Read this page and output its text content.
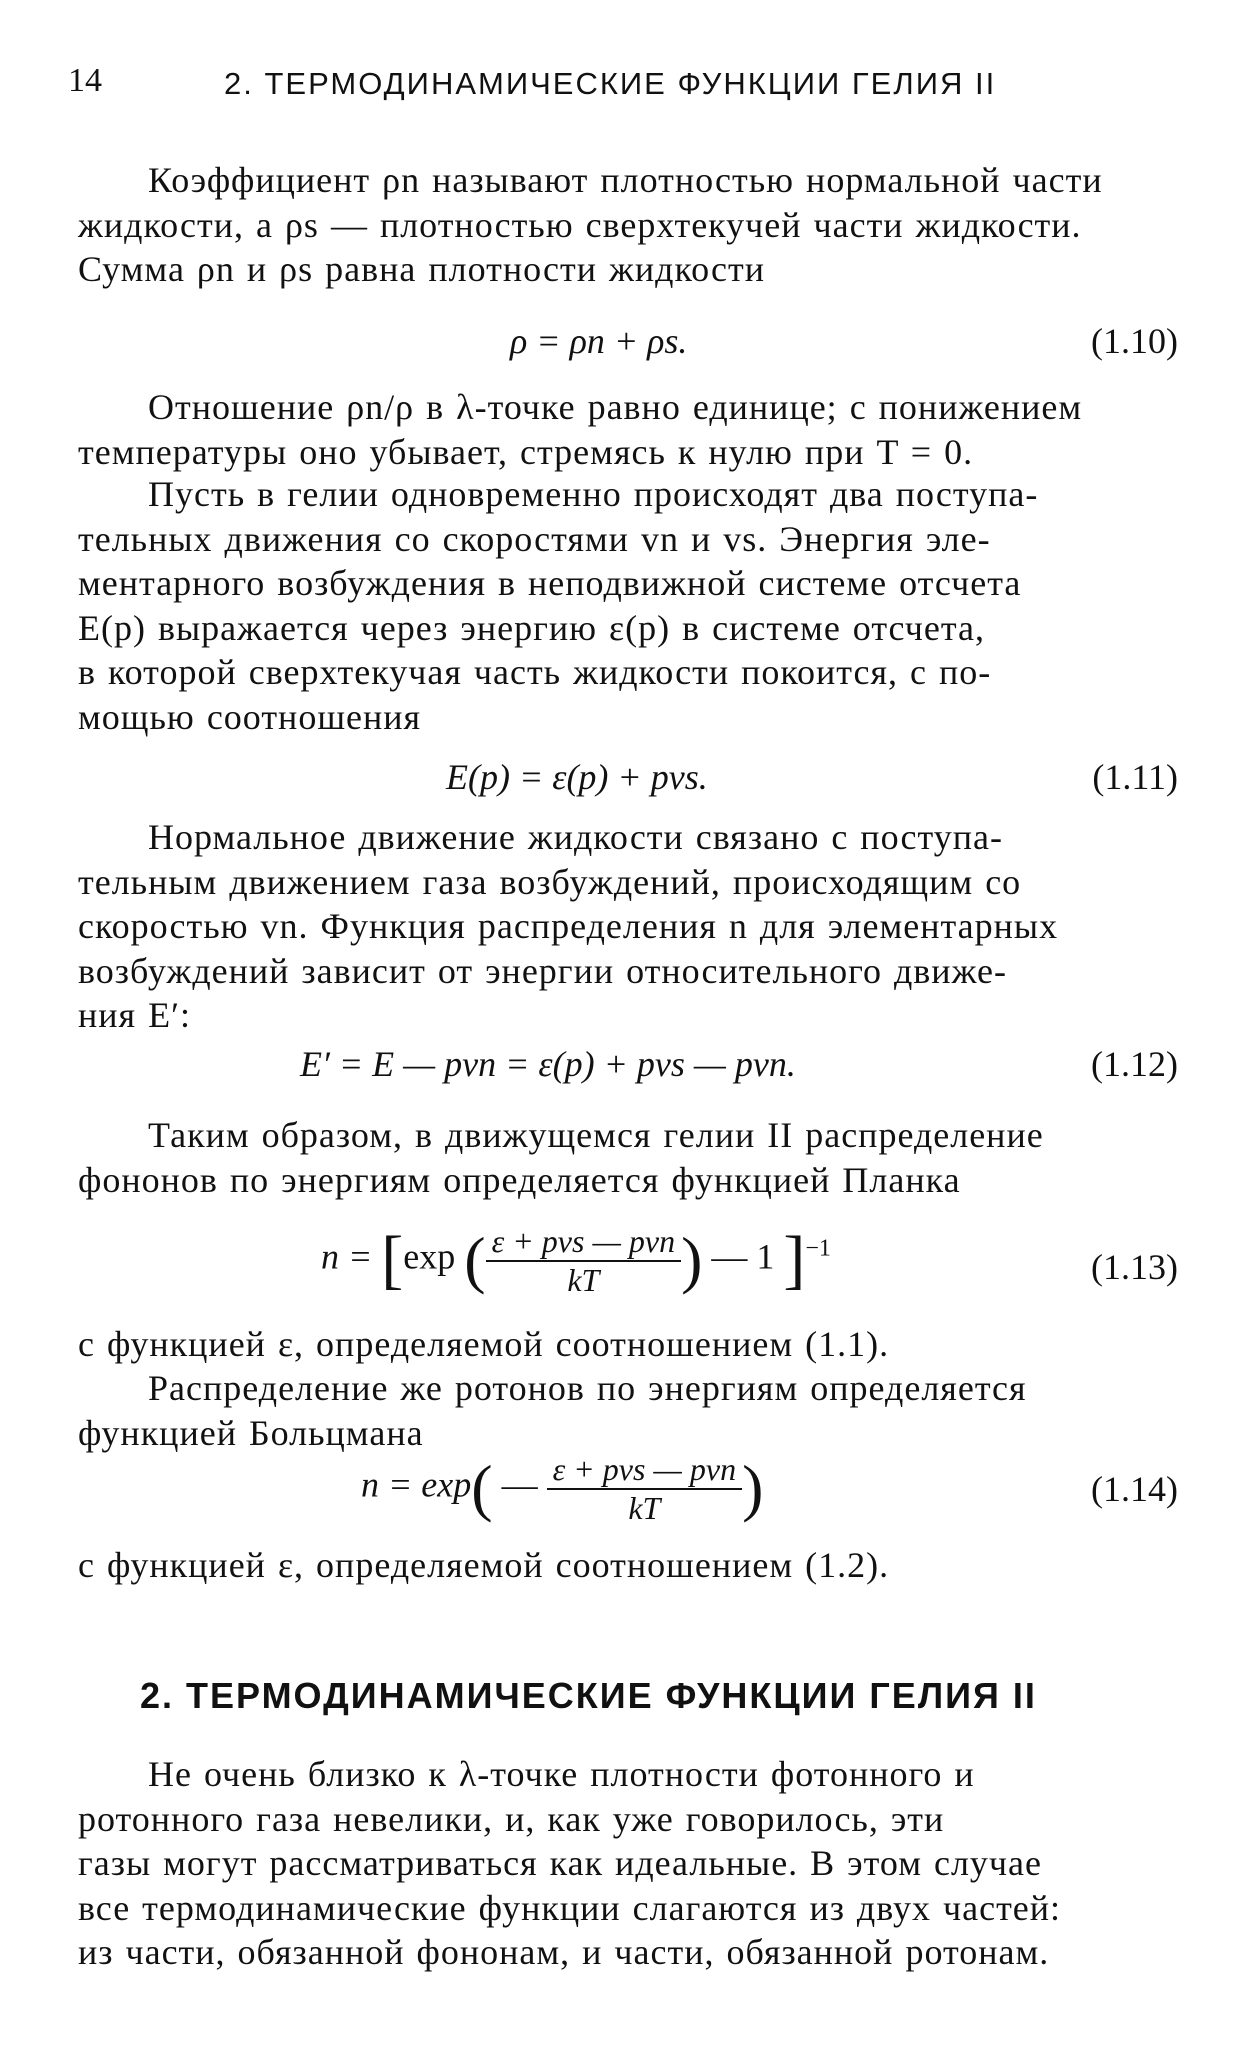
14	2. ТЕРМОДИНАМИЧЕСКИЕ ФУНКЦИИ ГЕЛИЯ II

Коэффициент ρn называют плотностью нормальной части
жидкости, а ρs — плотностью сверхтекучей части жидкости.
Сумма ρn и ρs равна плотности жидкости

ρ = ρn + ρs.	(1.10)

Отношение ρn/ρ в λ-точке равно единице; с понижением
температуры оно убывает, стремясь к нулю при T = 0.

Пусть в гелии одновременно происходят два поступа-
тельных движения со скоростями vn и vs. Энергия эле-
ментарного возбуждения в неподвижной системе отсчета
E(p) выражается через энергию ε(p) в системе отсчета,
в которой сверхтекучая часть жидкости покоится, с по-
мощью соотношения

E(p) = ε(p) + pvs.	(1.11)

Нормальное движение жидкости связано с поступа-
тельным движением газа возбуждений, происходящим со
скоростью vn. Функция распределения n для элементарных
возбуждений зависит от энергии относительного движе-
ния E′:

E′ = E — pvn = ε(p) + pvs — pvn.	(1.12)

Таким образом, в движущемся гелии II распределение
фононов по энергиям определяется функцией Планка

n = [exp ( $\frac{\text{ε + pvs — pvn}}{kT}$ ) — 1 ]$^{-1}$	(1.13)

с функцией ε, определяемой соотношением (1.1).

Распределение же ротонов по энергиям определяется
функцией Больцмана

n = exp( — $\frac{\text{ε + pvs — pvn}}{kT}$ )	(1.14)

с функцией ε, определяемой соотношением (1.2).

2. ТЕРМОДИНАМИЧЕСКИЕ ФУНКЦИИ ГЕЛИЯ II

Не очень близко к λ-точке плотности фотонного и
ротонного газа невелики, и, как уже говорилось, эти
газы могут рассматриваться как идеальные. В этом случае
все термодинамические функции слагаются из двух частей:
из части, обязанной фононам, и части, обязанной ротонам.
